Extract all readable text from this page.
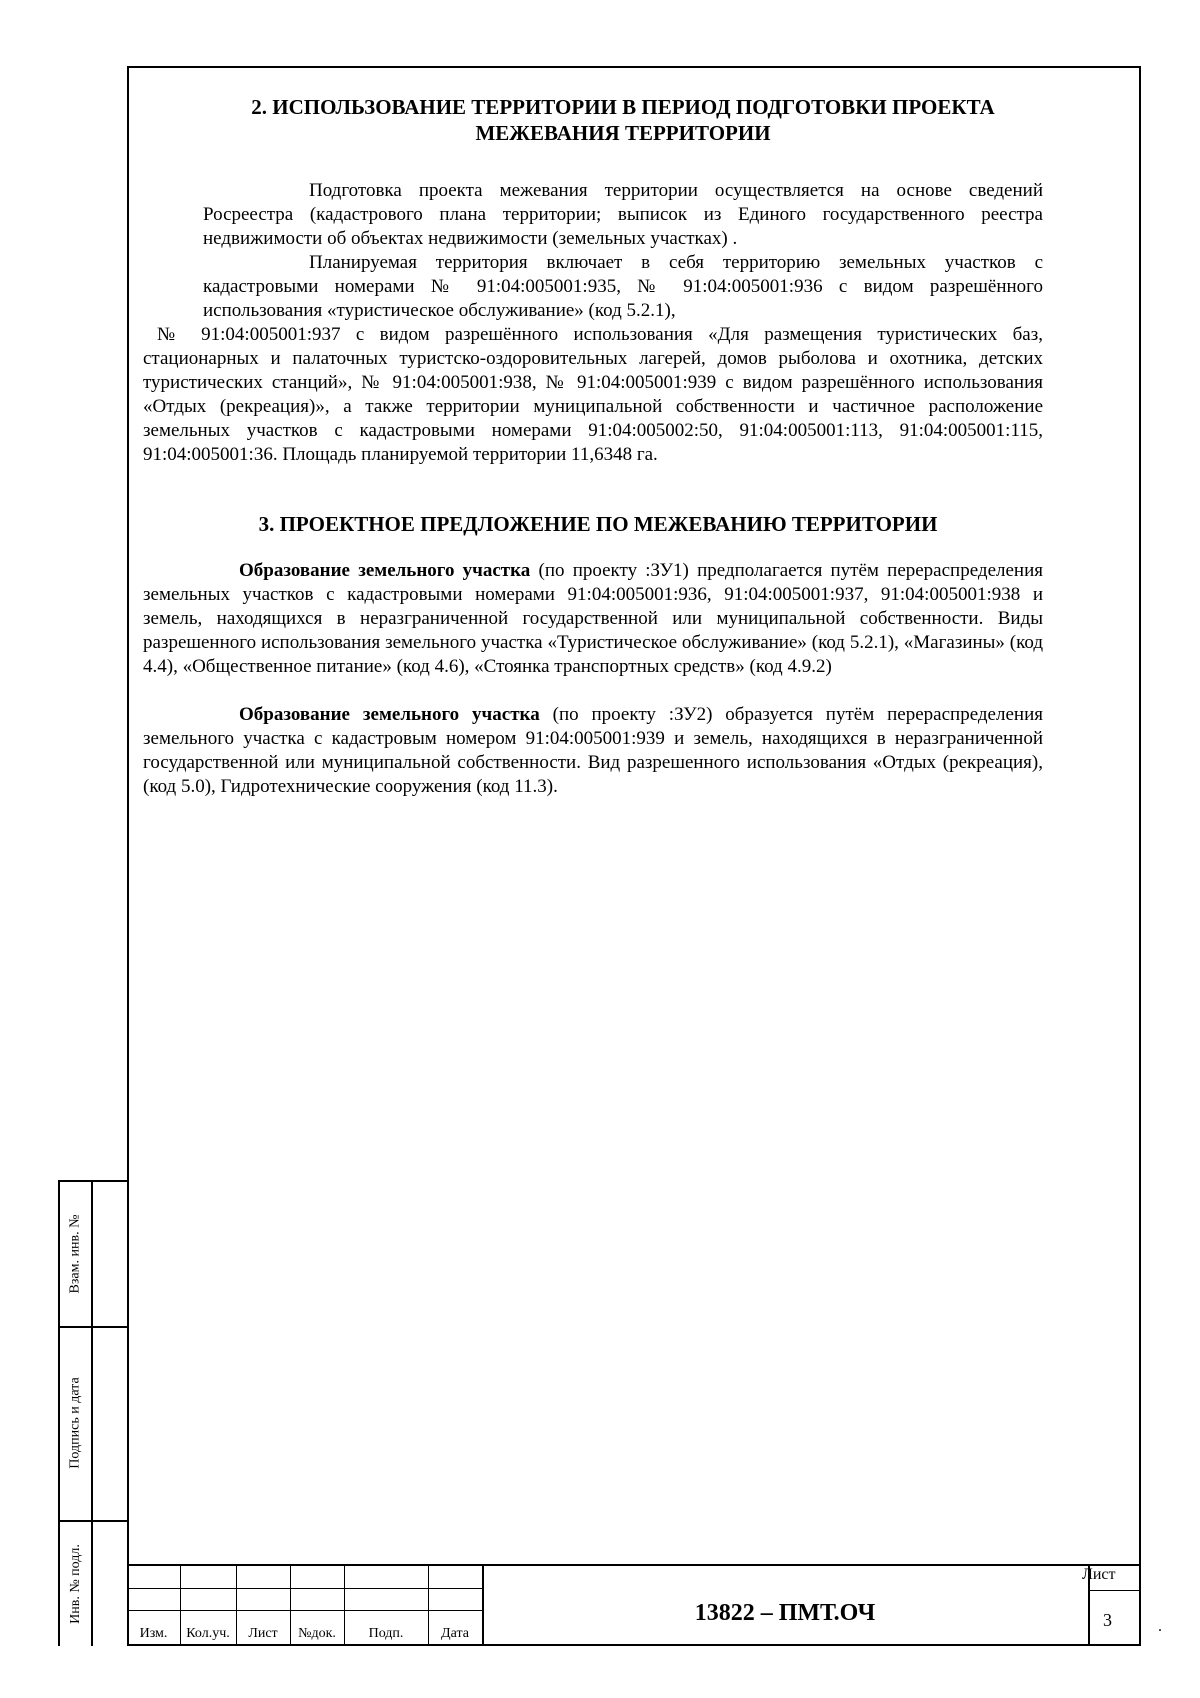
2. ИСПОЛЬЗОВАНИЕ ТЕРРИТОРИИ В ПЕРИОД ПОДГОТОВКИ ПРОЕКТА МЕЖЕВАНИЯ ТЕРРИТОРИИ

Подготовка проекта межевания территории осуществляется на основе сведений Росреестра (кадастрового плана территории; выписок из Единого государственного реестра недвижимости об объектах недвижимости (земельных участках) .

Планируемая территория включает в себя территорию земельных участков с кадастровыми номерами № 91:04:005001:935, № 91:04:005001:936 с видом разрешённого использования «туристическое обслуживание» (код 5.2.1),

№ 91:04:005001:937 с видом разрешённого использования «Для размещения туристических баз, стационарных и палаточных туристско-оздоровительных лагерей, домов рыболова и охотника, детских туристических станций», № 91:04:005001:938, № 91:04:005001:939 с видом разрешённого использования «Отдых (рекреация)», а также территории муниципальной собственности и частичное расположение земельных участков с кадастровыми номерами 91:04:005002:50, 91:04:005001:113, 91:04:005001:115, 91:04:005001:36. Площадь планируемой территории 11,6348 га.

3. ПРОЕКТНОЕ ПРЕДЛОЖЕНИЕ ПО МЕЖЕВАНИЮ ТЕРРИТОРИИ

Образование земельного участка (по проекту :ЗУ1) предполагается путём перераспределения земельных участков с кадастровыми номерами 91:04:005001:936, 91:04:005001:937, 91:04:005001:938 и земель, находящихся в неразграниченной государственной или муниципальной собственности. Виды разрешенного использования земельного участка «Туристическое обслуживание» (код 5.2.1), «Магазины» (код 4.4), «Общественное питание» (код 4.6), «Стоянка транспортных средств» (код 4.9.2)

Образование земельного участка (по проекту :ЗУ2) образуется путём перераспределения земельного участка с кадастровым номером 91:04:005001:939 и земель, находящихся в неразграниченной государственной или муниципальной собственности. Вид разрешенного использования «Отдых (рекреация), (код 5.0), Гидротехнические сооружения (код 11.3).

Взам. инв. №
Подпись и дата
Инв. № подл.
Изм.	Кол.уч.	Лист	№док.	Подп.	Дата
13822 – ПМТ.ОЧ
Лист
3	.
